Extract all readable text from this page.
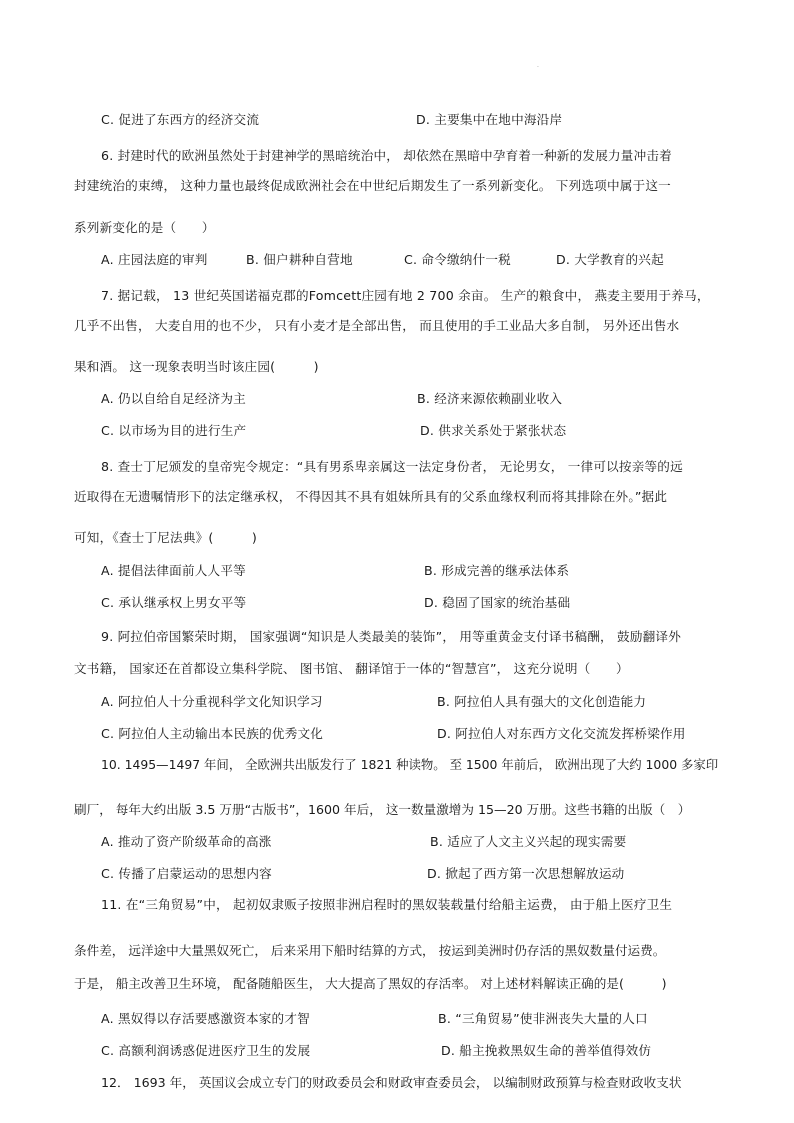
.
C. 促进了东西方的经济交流	D. 主要集中在地中海沿岸
6. 封建时代的欧洲虽然处于封建神学的黑暗统治中， 却依然在黑暗中孕育着一种新的发展力量冲击着
封建统治的束缚， 这种力量也最终促成欧洲社会在中世纪后期发生了一系列新变化。 下列选项中属于这一
系列新变化的是（　　）
A. 庄园法庭的审判	B. 佃户耕种自营地	C. 命令缴纳什一税	D. 大学教育的兴起
7. 据记载， 13 世纪英国诺福克郡的Fomcett庄园有地 2 700 余亩。 生产的粮食中， 燕麦主要用于养马，
几乎不出售， 大麦自用的也不少， 只有小麦才是全部出售， 而且使用的手工业品大多自制， 另外还出售水
果和酒。 这一现象表明当时该庄园(　　　)
A. 仍以自给自足经济为主	B. 经济来源依赖副业收入
C. 以市场为目的进行生产	D. 供求关系处于紧张状态
8. 查士丁尼颁发的皇帝宪令规定：“具有男系卑亲属这一法定身份者， 无论男女， 一律可以按亲等的远
近取得在无遗嘱情形下的法定继承权， 不得因其不具有姐妹所具有的父系血缘权利而将其排除在外。”据此
可知，《查士丁尼法典》(　　　)
A. 提倡法律面前人人平等	B. 形成完善的继承法体系
C. 承认继承权上男女平等	D. 稳固了国家的统治基础
9. 阿拉伯帝国繁荣时期， 国家强调“知识是人类最美的装饰”， 用等重黄金支付译书稿酬， 鼓励翻译外
文书籍， 国家还在首都设立集科学院、 图书馆、 翻译馆于一体的“智慧宫”， 这充分说明（　　）
A. 阿拉伯人十分重视科学文化知识学习	B. 阿拉伯人具有强大的文化创造能力
C. 阿拉伯人主动输出本民族的优秀文化	D. 阿拉伯人对东西方文化交流发挥桥梁作用
10. 1495—1497 年间， 全欧洲共出版发行了 1821 种读物。 至 1500 年前后， 欧洲出现了大约 1000 多家印
刷厂， 每年大约出版 3.5 万册“古版书”，1600 年后， 这一数量激增为 15—20 万册。这些书籍的出版（　）
A. 推动了资产阶级革命的高涨	B. 适应了人文主义兴起的现实需要
C. 传播了启蒙运动的思想内容	D. 掀起了西方第一次思想解放运动
11. 在“三角贸易”中， 起初奴隶贩子按照非洲启程时的黑奴装载量付给船主运费， 由于船上医疗卫生
条件差， 远洋途中大量黑奴死亡， 后来采用下船时结算的方式， 按运到美洲时仍存活的黑奴数量付运费。
于是， 船主改善卫生环境， 配备随船医生， 大大提高了黑奴的存活率。 对上述材料解读正确的是(　　　)
A. 黑奴得以存活要感激资本家的才智	B. “三角贸易”使非洲丧失大量的人口
C. 高额利润诱惑促进医疗卫生的发展	D. 船主挽救黑奴生命的善举值得效仿
12． 1693 年， 英国议会成立专门的财政委员会和财政审查委员会， 以编制财政预算与检查财政收支状
